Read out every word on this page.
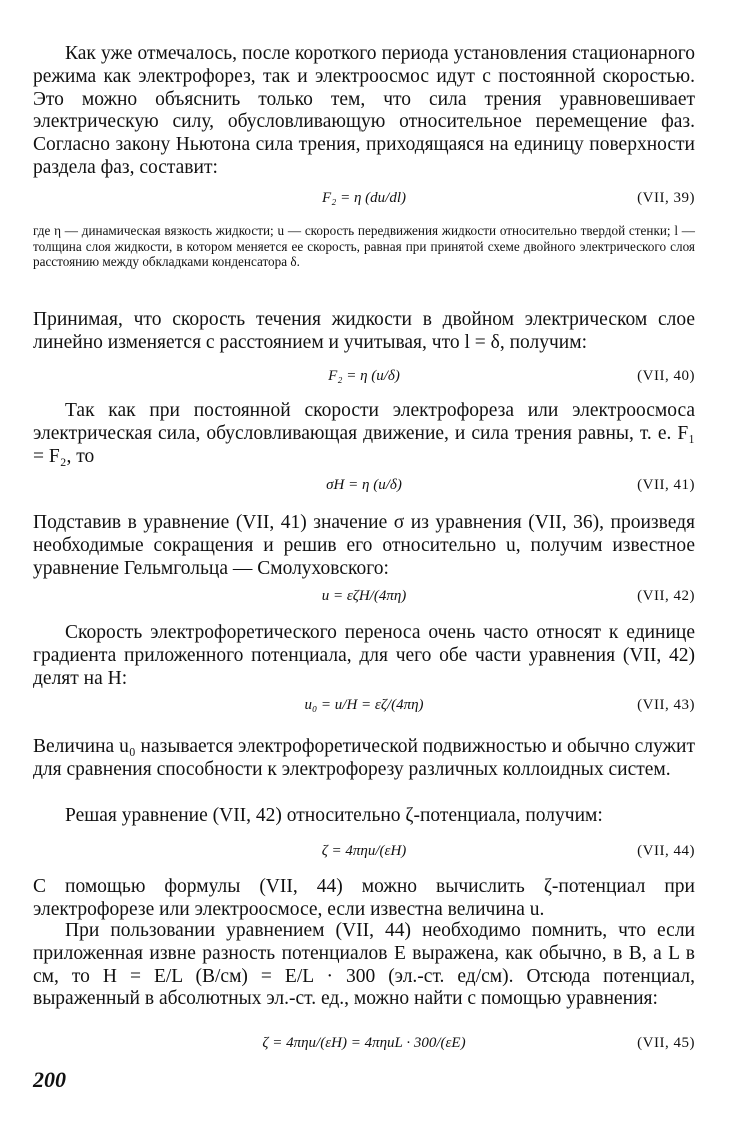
Как уже отмечалось, после короткого периода установления стационарного режима как электрофорез, так и электроосмос идут с постоянной скоростью. Это можно объяснить только тем, что сила трения уравновешивает электрическую силу, обусловливающую относительное перемещение фаз. Согласно закону Ньютона сила трения, приходящаяся на единицу поверхности раздела фаз, составит:

F₂ = η (du/dl)	(VII, 39)

где η — динамическая вязкость жидкости; u — скорость передвижения жидкости относительно твердой стенки; l — толщина слоя жидкости, в котором меняется ее скорость, равная при принятой схеме двойного электрического слоя расстоянию между обкладками конденсатора δ.

Принимая, что скорость течения жидкости в двойном электрическом слое линейно изменяется с расстоянием и учитывая, что l = δ, получим:

F₂ = η (u/δ)	(VII, 40)

Так как при постоянной скорости электрофореза или электроосмоса электрическая сила, обусловливающая движение, и сила трения равны, т. е. F₁ = F₂, то

σH = η (u/δ)	(VII, 41)

Подставив в уравнение (VII, 41) значение σ из уравнения (VII, 36), произведя необходимые сокращения и решив его относительно u, получим известное уравнение Гельмгольца — Смолуховского:

u = εζH/(4πη)	(VII, 42)

Скорость электрофоретического переноса очень часто относят к единице градиента приложенного потенциала, для чего обе части уравнения (VII, 42) делят на H:

u₀ = u/H = εζ/(4πη)	(VII, 43)

Величина u₀ называется электрофоретической подвижностью и обычно служит для сравнения способности к электрофорезу различных коллоидных систем.

Решая уравнение (VII, 42) относительно ζ-потенциала, получим:

ζ = 4πηu/(εH)	(VII, 44)

С помощью формулы (VII, 44) можно вычислить ζ-потенциал при электрофорезе или электроосмосе, если известна величина u.

При пользовании уравнением (VII, 44) необходимо помнить, что если приложенная извне разность потенциалов E выражена, как обычно, в В, а L в см, то H = E/L (В/см) = E/L · 300 (эл.-ст. ед/см). Отсюда потенциал, выраженный в абсолютных эл.-ст. ед., можно найти с помощью уравнения:

ζ = 4πηu/(εH) = 4πηuL · 300/(εE)	(VII, 45)
200
